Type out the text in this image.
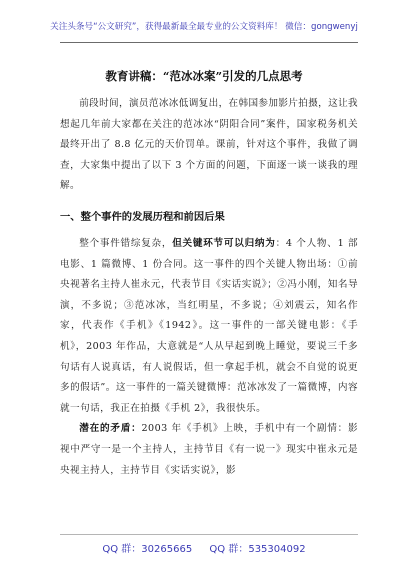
关注头条号“公文研究”，获得最新最全最专业的公文资料库！ 微信：gongwenyj
教育讲稿：“范冰冰案”引发的几点思考

前段时间，演员范冰冰低调复出，在韩国参加影片拍摄，这让我想起几年前大家都在关注的范冰冰“阴阳合同”案件，国家税务机关最终开出了 8.8 亿元的天价罚单。课前，针对这个事件，我做了调查，大家集中提出了以下 3 个方面的问题，下面逐一谈一谈我的理解。

一、整个事件的发展历程和前因后果

整个事件错综复杂，但关键环节可以归纳为：4 个人物、1 部电影、1 篇微博、1 份合同。这一事件的四个关键人物出场：①前央视著名主持人崔永元，代表节目《实话实说》；②冯小刚，知名导演，不多说；③范冰冰，当红明星，不多说；④刘震云，知名作家，代表作《手机》《1942》。这一事件的一部关键电影：《手机》，2003 年作品，大意就是“人从早起到晚上睡觉，要说三千多句话有人说真话，有人说假话，但一拿起手机，就会不自觉的说更多的假话”。这一事件的一篇关键微博：范冰冰发了一篇微博，内容就一句话，我正在拍摄《手机 2》，我很快乐。

潜在的矛盾：2003 年《手机》上映，手机中有一个剧情：影视中严守一是一个主持人，主持节目《有一说一》现实中崔永元是央视主持人，主持节目《实话实说》，影

QQ 群：30265665 QQ 群：535304092
